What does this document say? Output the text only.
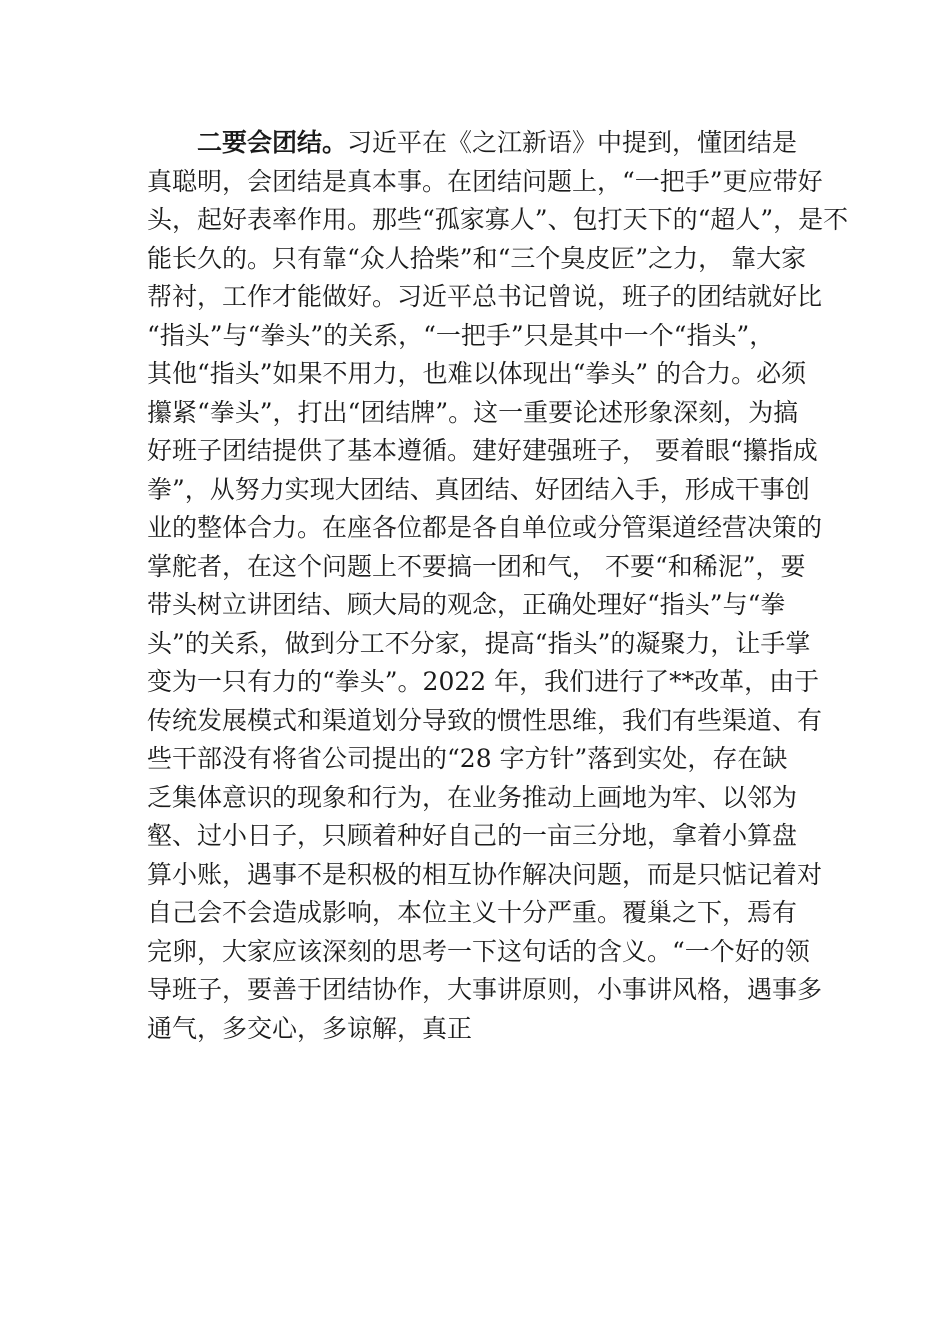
二要会团结。习近平在《之江新语》中提到，懂团结是
真聪明，会团结是真本事。在团结问题上，“一把手”更应带好
头，起好表率作用。那些“孤家寡人”、包打天下的“超人”，是不
能长久的。只有靠“众人拾柴”和“三个臭皮匠”之力， 靠大家
帮衬，工作才能做好。习近平总书记曾说，班子的团结就好比
“指头”与“拳头”的关系，“一把手”只是其中一个“指头”，
其他“指头”如果不用力，也难以体现出“拳头” 的合力。必须
攥紧“拳头”，打出“团结牌”。这一重要论述形象深刻，为搞
好班子团结提供了基本遵循。建好建强班子， 要着眼“攥指成
拳”，从努力实现大团结、真团结、好团结入手，形成干事创
业的整体合力。在座各位都是各自单位或分管渠道经营决策的
掌舵者，在这个问题上不要搞一团和气， 不要“和稀泥”，要
带头树立讲团结、顾大局的观念，正确处理好“指头”与“拳
头”的关系，做到分工不分家，提高“指头”的凝聚力，让手掌
变为一只有力的“拳头”。2022 年，我们进行了**改革，由于
传统发展模式和渠道划分导致的惯性思维，我们有些渠道、有
些干部没有将省公司提出的“28 字方针”落到实处，存在缺
乏集体意识的现象和行为，在业务推动上画地为牢、以邻为
壑、过小日子，只顾着种好自己的一亩三分地，拿着小算盘
算小账，遇事不是积极的相互协作解决问题，而是只惦记着对
自己会不会造成影响，本位主义十分严重。覆巢之下，焉有
完卵，大家应该深刻的思考一下这句话的含义。“一个好的领
导班子，要善于团结协作，大事讲原则，小事讲风格，遇事多
通气，多交心，多谅解，真正
